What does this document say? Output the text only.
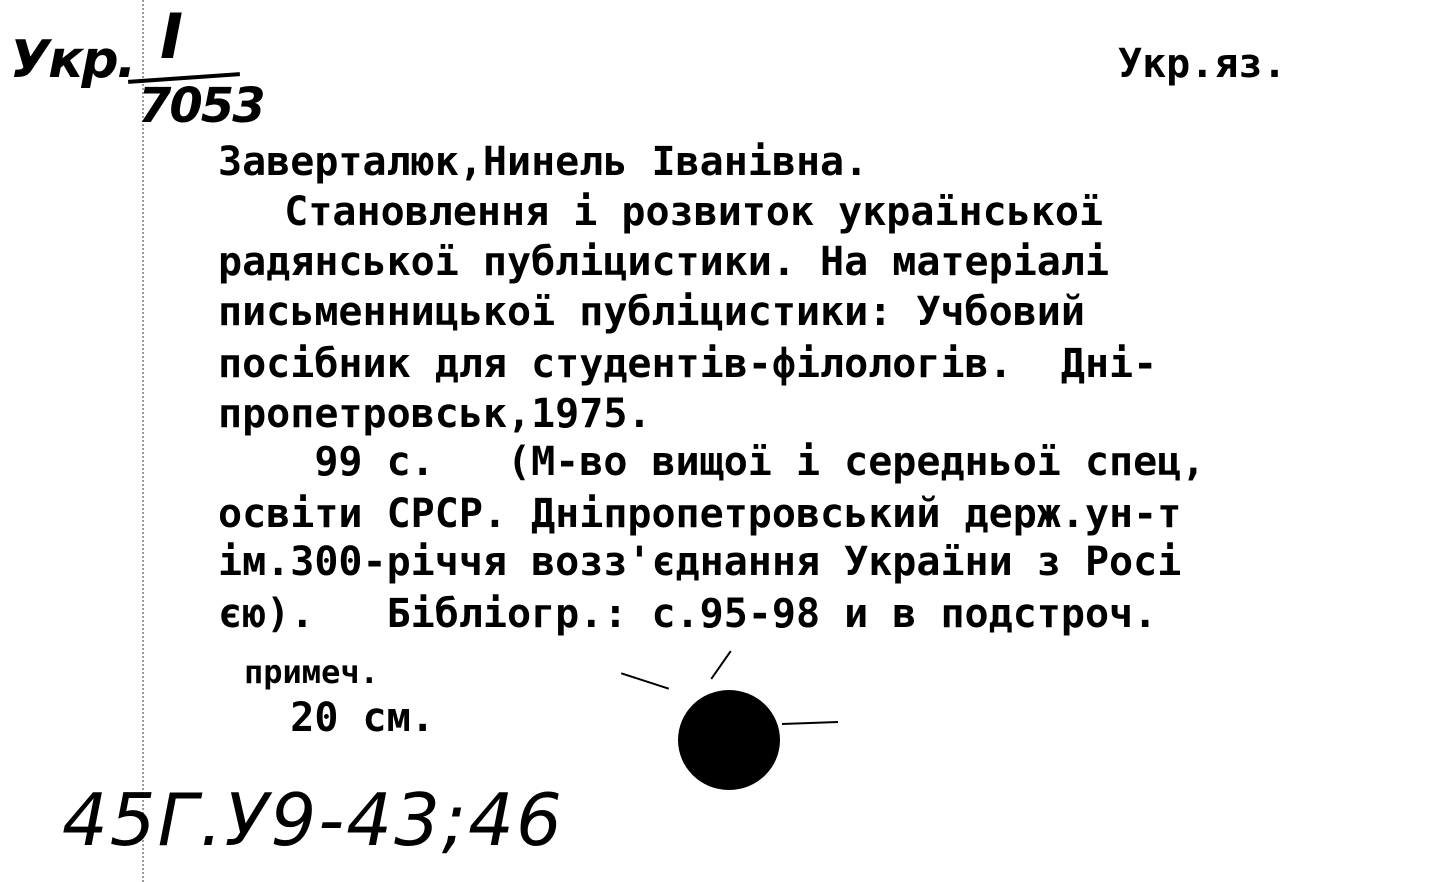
Укр. I
7053
Укр.яз.
Заверталюк,Нинель Іванівна.
Становлення і розвиток української
радянської публіцистики. На матеріалі
письменницької публіцистики: Учбовий
посібник для студентів-філологів.  Дні-
пропетровськ,1975.
99 с.   (М-во вищої і середньої спец,
освіти СРСР. Дніпропетровський держ.ун-т
ім.300-річчя возз'єднання України з Росі
єю).   Бібліогр.: с.95-98 и в подстроч.
примеч.
20 см.
45Г.У9-43;46
